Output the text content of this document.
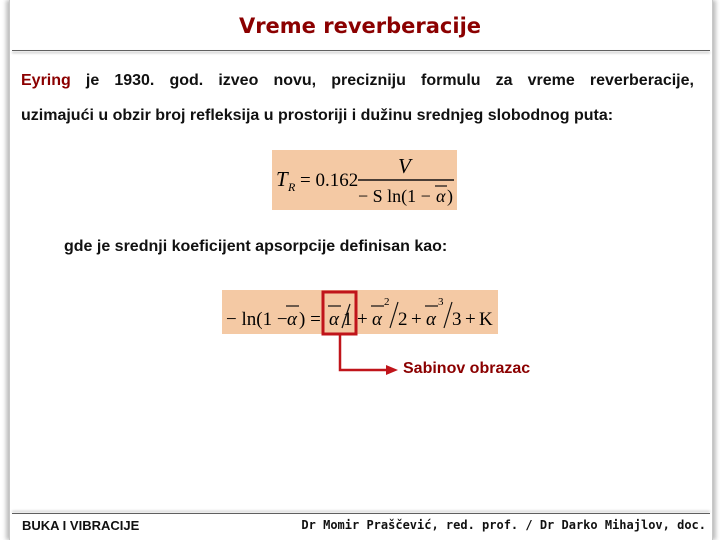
Vreme reverberacije
Eyring je 1930. god. izveo novu, precizniju formulu za vreme reverberacije,
uzimajući u obzir broj refleksija u prostoriji i dužinu srednjeg slobodnog puta:
T R = 0.162
V
− S ln(1 − α )
gde je srednji koeficijent apsorpcije definisan kao:
− ln(1 − α ) = α 1 + α
2
2 + α
3
3 + K
Sabinov obrazac
BUKA I VIBRACIJE	Dr Momir Praščević, red. prof. / Dr Darko Mihajlov, doc.
